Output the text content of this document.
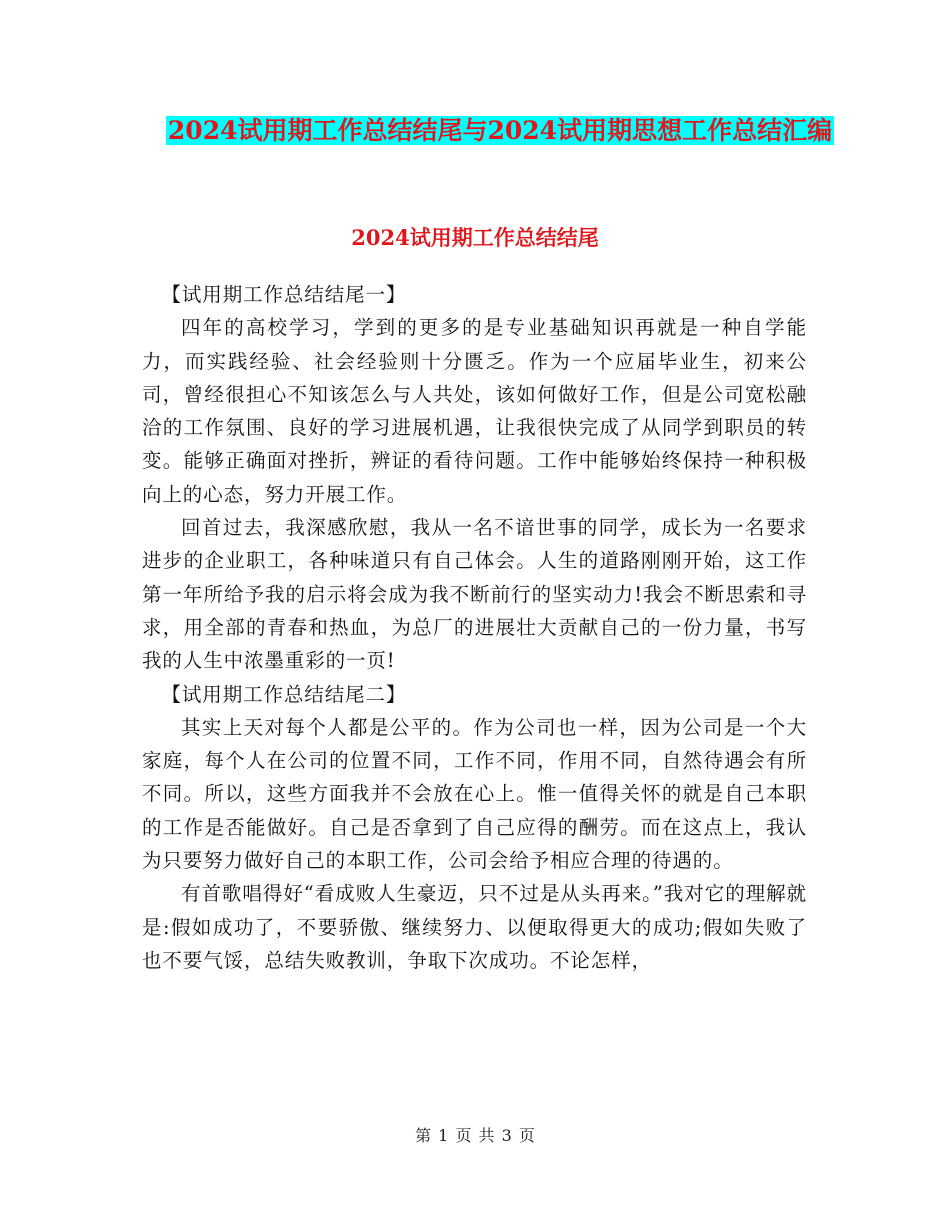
2024试用期工作总结结尾与2024试用期思想工作总结汇编
2024试用期工作总结结尾

【试用期工作总结结尾一】

四年的高校学习，学到的更多的是专业基础知识再就是一种自学能力，而实践经验、社会经验则十分匮乏。作为一个应届毕业生，初来公司，曾经很担心不知该怎么与人共处，该如何做好工作，但是公司宽松融洽的工作氛围、良好的学习进展机遇，让我很快完成了从同学到职员的转变。能够正确面对挫折，辨证的看待问题。工作中能够始终保持一种积极向上的心态，努力开展工作。

回首过去，我深感欣慰，我从一名不谙世事的同学，成长为一名要求进步的企业职工，各种味道只有自己体会。人生的道路刚刚开始，这工作第一年所给予我的启示将会成为我不断前行的坚实动力!我会不断思索和寻求，用全部的青春和热血，为总厂的进展壮大贡献自己的一份力量，书写我的人生中浓墨重彩的一页!

【试用期工作总结结尾二】

其实上天对每个人都是公平的。作为公司也一样，因为公司是一个大家庭，每个人在公司的位置不同，工作不同，作用不同，自然待遇会有所不同。所以，这些方面我并不会放在心上。惟一值得关怀的就是自己本职的工作是否能做好。自己是否拿到了自己应得的酬劳。而在这点上，我认为只要努力做好自己的本职工作，公司会给予相应合理的待遇的。

有首歌唱得好“看成败人生豪迈，只不过是从头再来。”我对它的理解就是:假如成功了，不要骄傲、继续努力、以便取得更大的成功;假如失败了也不要气馁，总结失败教训，争取下次成功。不论怎样，

第 1 页 共 3 页
